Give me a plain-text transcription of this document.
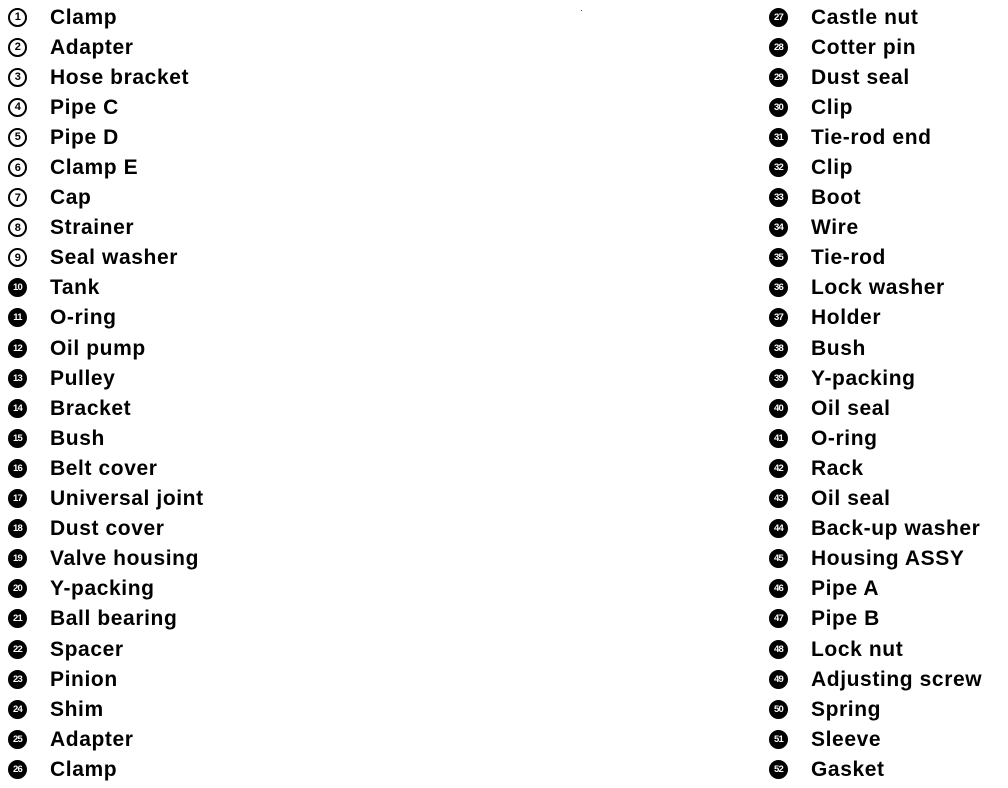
1	Clamp
2	Adapter
3	Hose bracket
4	Pipe C
5	Pipe D
6	Clamp E
7	Cap
8	Strainer
9	Seal washer
10 Tank
11 O-ring
12 Oil pump
13 Pulley
14 Bracket
15 Bush
16 Belt cover
17 Universal joint
18 Dust cover
19 Valve housing
20 Y-packing
21 Ball bearing
22 Spacer
23 Pinion
24 Shim
25 Adapter
26 Clamp
27 Castle nut
28 Cotter pin
29 Dust seal
30 Clip
31 Tie-rod end
32 Clip
33 Boot
34 Wire
35 Tie-rod
36 Lock washer
37 Holder
38 Bush
39 Y-packing
40 Oil seal
41 O-ring
42 Rack
43 Oil seal
44 Back-up washer
45 Housing ASSY
46 Pipe A
47 Pipe B
48 Lock nut
49 Adjusting screw
50 Spring
51 Sleeve
52 Gasket
